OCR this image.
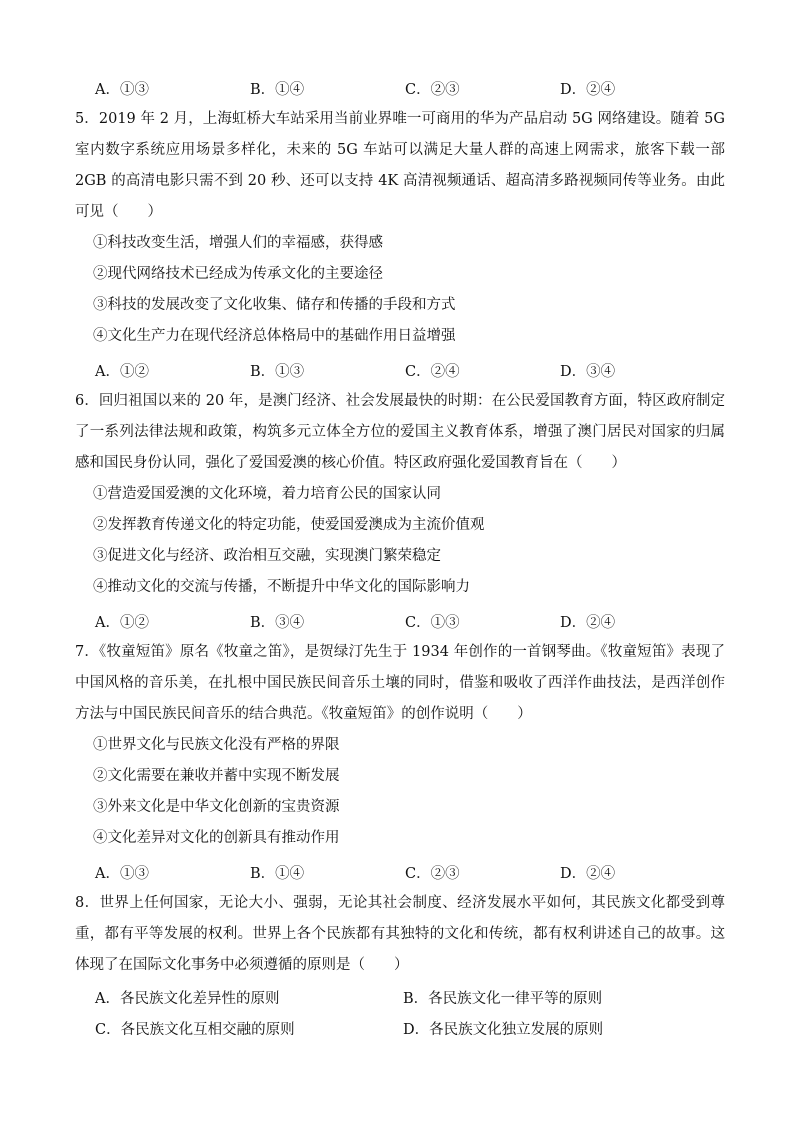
A．①③	B．①④	C．②③	D．②④

5．2019 年 2 月，上海虹桥大车站采用当前业界唯一可商用的华为产品启动 5G 网络建设。随着 5G 室内数字系统应用场景多样化，未来的 5G 车站可以满足大量人群的高速上网需求，旅客下载一部 2GB 的高清电影只需不到 20 秒、还可以支持 4K 高清视频通话、超高清多路视频同传等业务。由此可见（　　）

①科技改变生活，增强人们的幸福感，获得感

②现代网络技术已经成为传承文化的主要途径

③科技的发展改变了文化收集、储存和传播的手段和方式

④文化生产力在现代经济总体格局中的基础作用日益增强

A．①②	B．①③	C．②④	D．③④

6．回归祖国以来的 20 年，是澳门经济、社会发展最快的时期：在公民爱国教育方面，特区政府制定了一系列法律法规和政策，构筑多元立体全方位的爱国主义教育体系，增强了澳门居民对国家的归属感和国民身份认同，强化了爱国爱澳的核心价值。特区政府强化爱国教育旨在（　　）

①营造爱国爱澳的文化环境，着力培育公民的国家认同

②发挥教育传递文化的特定功能，使爱国爱澳成为主流价值观

③促进文化与经济、政治相互交融，实现澳门繁荣稳定

④推动文化的交流与传播，不断提升中华文化的国际影响力

A．①②	B．③④	C．①③	D．②④

7．《牧童短笛》原名《牧童之笛》，是贺绿汀先生于 1934 年创作的一首钢琴曲。《牧童短笛》表现了中国风格的音乐美，在扎根中国民族民间音乐土壤的同时，借鉴和吸收了西洋作曲技法，是西洋创作方法与中国民族民间音乐的结合典范。《牧童短笛》的创作说明（　　）

①世界文化与民族文化没有严格的界限

②文化需要在兼收并蓄中实现不断发展

③外来文化是中华文化创新的宝贵资源

④文化差异对文化的创新具有推动作用

A．①③	B．①④	C．②③	D．②④

8．世界上任何国家，无论大小、强弱，无论其社会制度、经济发展水平如何，其民族文化都受到尊重，都有平等发展的权利。世界上各个民族都有其独特的文化和传统，都有权利讲述自己的故事。这体现了在国际文化事务中必须遵循的原则是（　　）

A．各民族文化差异性的原则	B．各民族文化一律平等的原则
C．各民族文化互相交融的原则	D．各民族文化独立发展的原则
